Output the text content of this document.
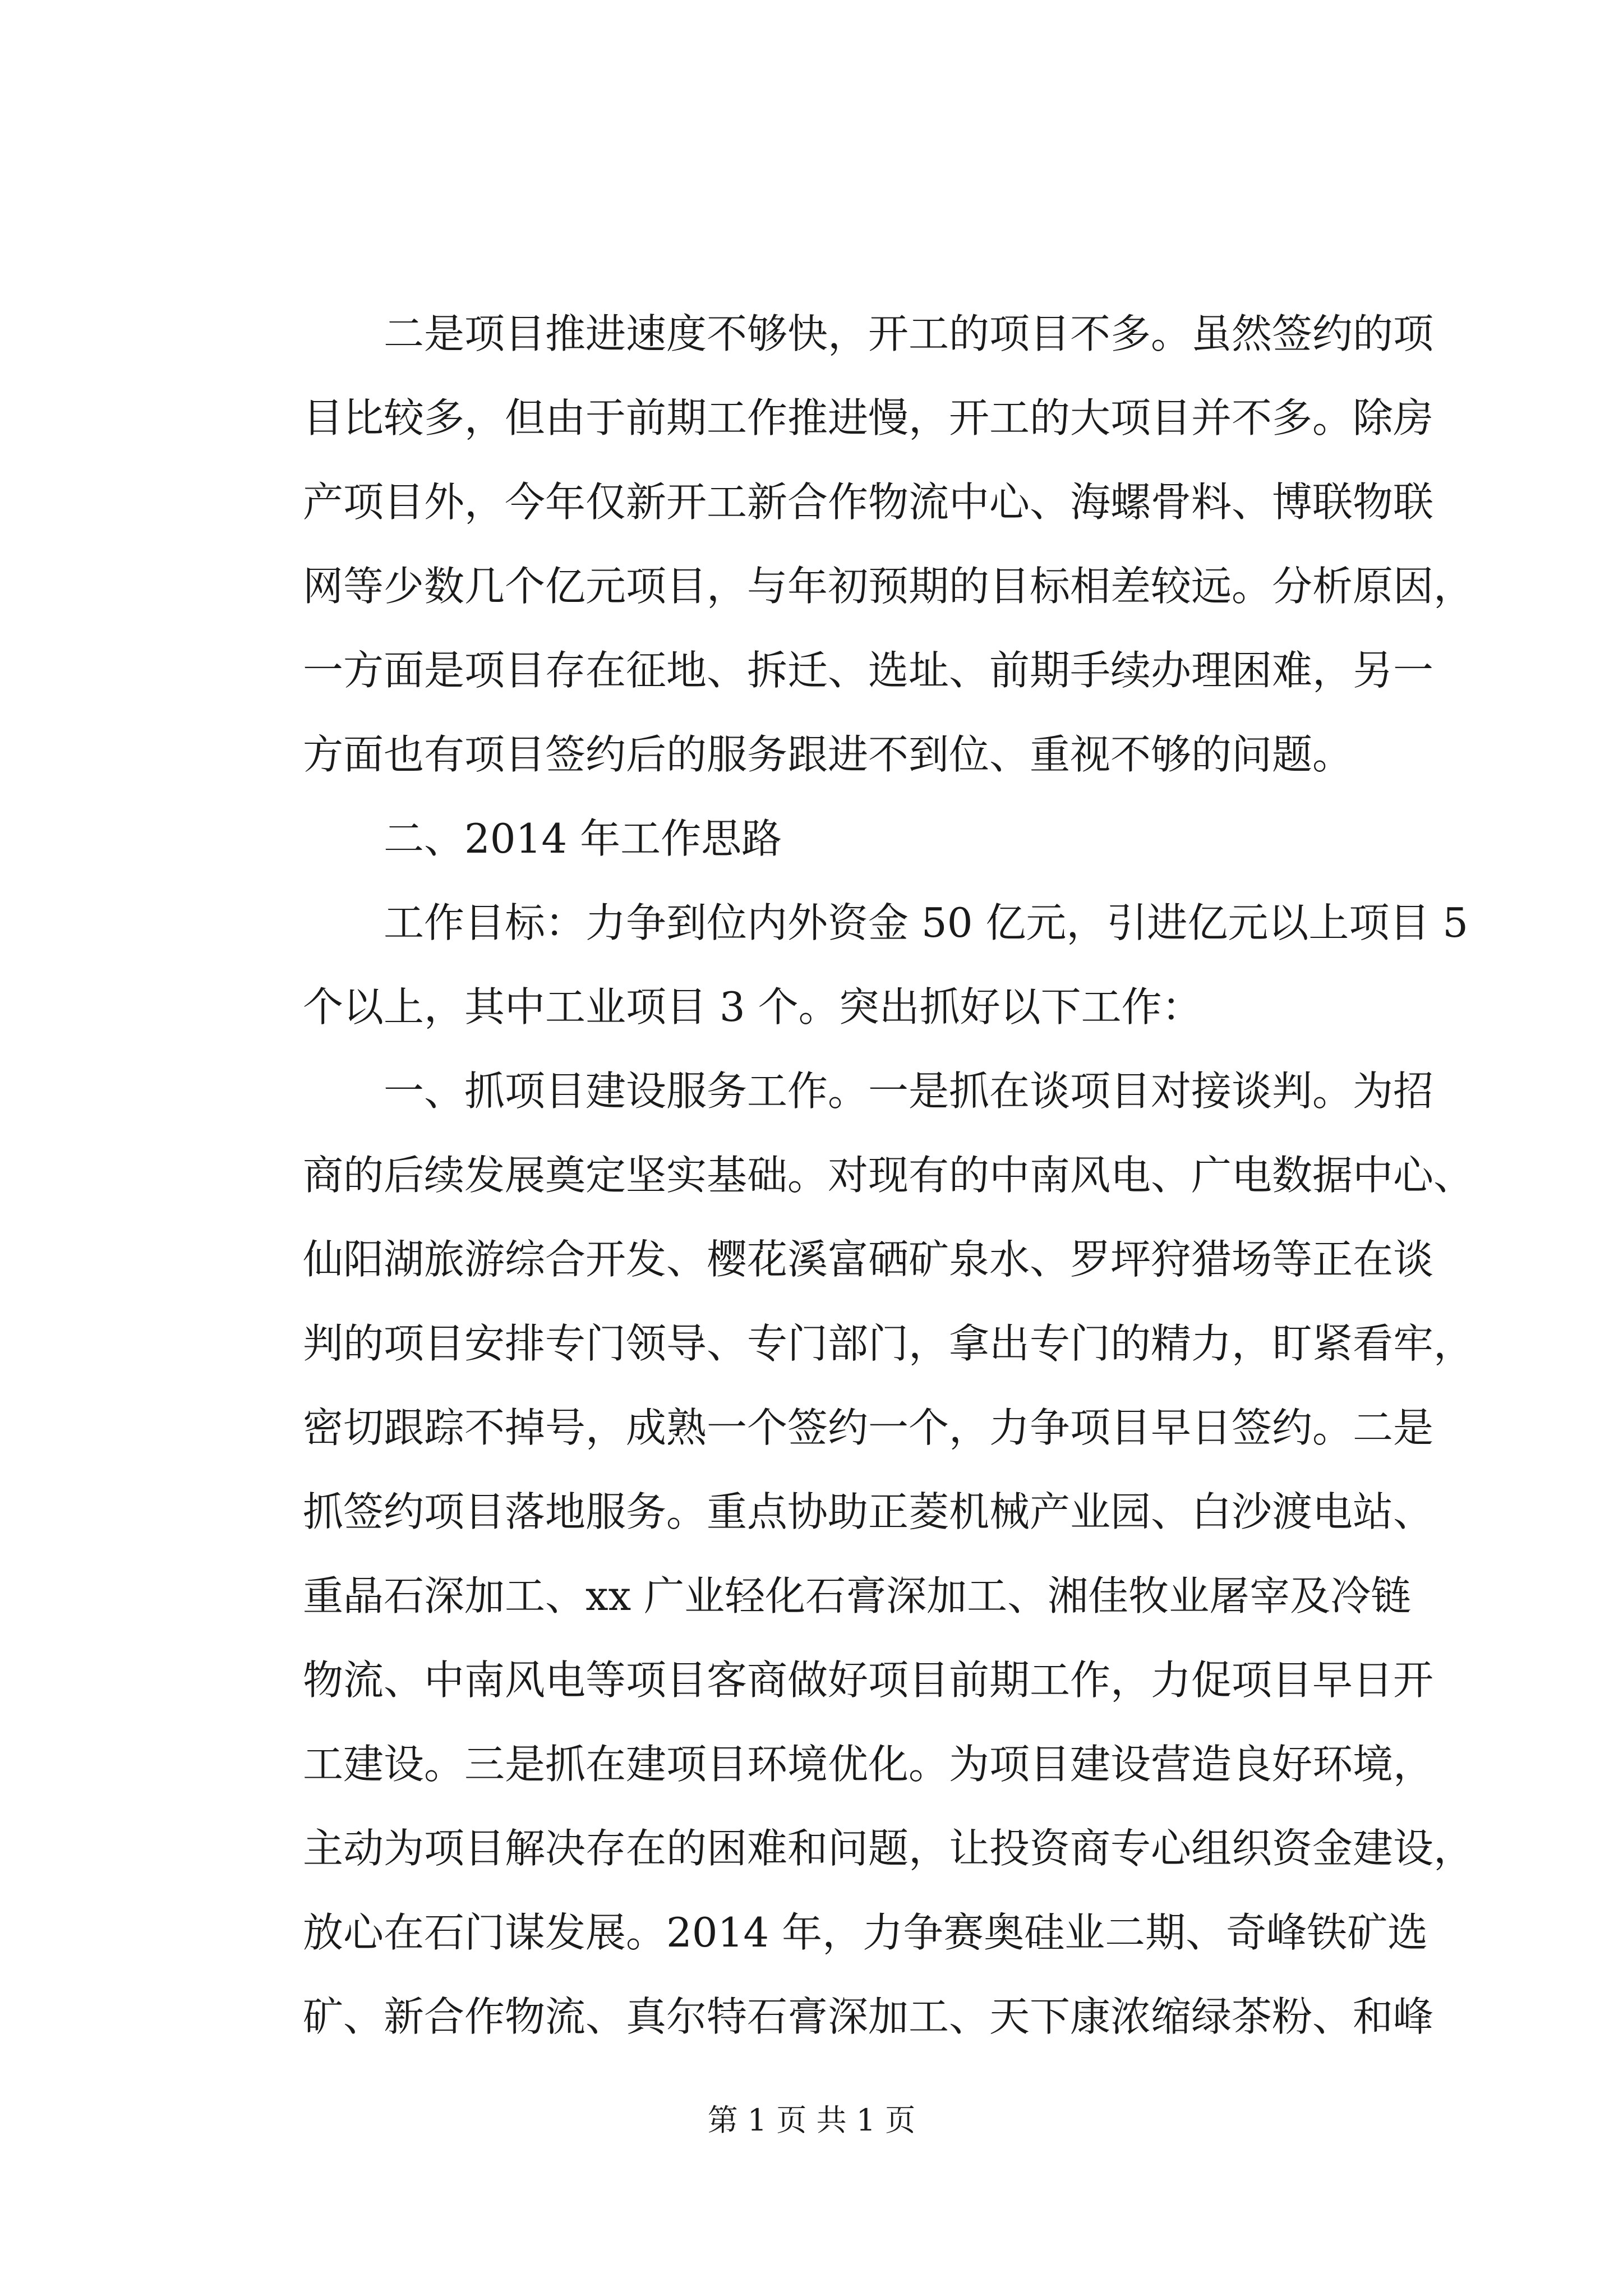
　　二是项目推进速度不够快，开工的项目不多。虽然签约的项
目比较多，但由于前期工作推进慢，开工的大项目并不多。除房
产项目外，今年仅新开工新合作物流中心、海螺骨料、博联物联
网等少数几个亿元项目，与年初预期的目标相差较远。分析原因，
一方面是项目存在征地、拆迁、选址、前期手续办理困难，另一
方面也有项目签约后的服务跟进不到位、重视不够的问题。
　　二、2014 年工作思路
　　工作目标：力争到位内外资金 50 亿元，引进亿元以上项目 5
个以上，其中工业项目 3 个。突出抓好以下工作：
　　一、抓项目建设服务工作。一是抓在谈项目对接谈判。为招
商的后续发展奠定坚实基础。对现有的中南风电、广电数据中心、
仙阳湖旅游综合开发、樱花溪富硒矿泉水、罗坪狩猎场等正在谈
判的项目安排专门领导、专门部门，拿出专门的精力，盯紧看牢，
密切跟踪不掉号，成熟一个签约一个，力争项目早日签约。二是
抓签约项目落地服务。重点协助正菱机械产业园、白沙渡电站、
重晶石深加工、xx 广业轻化石膏深加工、湘佳牧业屠宰及冷链
物流、中南风电等项目客商做好项目前期工作，力促项目早日开
工建设。三是抓在建项目环境优化。为项目建设营造良好环境，
主动为项目解决存在的困难和问题，让投资商专心组织资金建设，
放心在石门谋发展。2014 年，力争赛奥硅业二期、奇峰铁矿选
矿、新合作物流、真尔特石膏深加工、天下康浓缩绿茶粉、和峰
第 1 页 共 1 页
